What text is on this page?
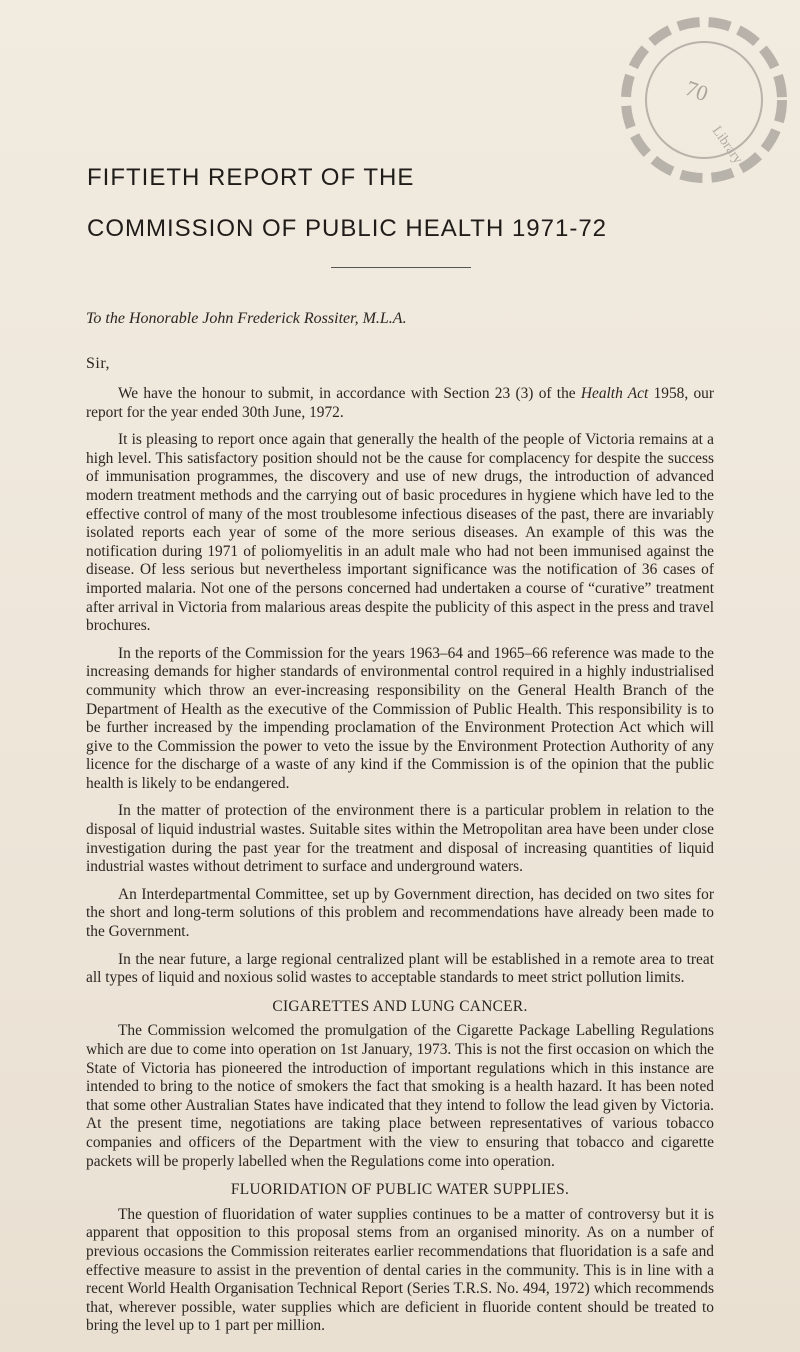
70
Library
FIFTIETH REPORT OF THE
COMMISSION OF PUBLIC HEALTH 1971-72
To the Honorable John Frederick Rossiter, M.L.A.
Sir,

We have the honour to submit, in accordance with Section 23 (3) of the Health Act 1958, our report for the year ended 30th June, 1972.

It is pleasing to report once again that generally the health of the people of Victoria remains at a high level. This satisfactory position should not be the cause for complacency for despite the success of immunisation programmes, the discovery and use of new drugs, the introduction of advanced modern treatment methods and the carrying out of basic procedures in hygiene which have led to the effective control of many of the most troublesome infectious diseases of the past, there are invariably isolated reports each year of some of the more serious diseases. An example of this was the notification during 1971 of poliomyelitis in an adult male who had not been immunised against the disease. Of less serious but nevertheless important significance was the notification of 36 cases of imported malaria. Not one of the persons concerned had undertaken a course of “curative” treatment after arrival in Victoria from malarious areas despite the publicity of this aspect in the press and travel brochures.

In the reports of the Commission for the years 1963–64 and 1965–66 reference was made to the increasing demands for higher standards of environmental control required in a highly industrialised community which throw an ever-increasing responsibility on the General Health Branch of the Department of Health as the executive of the Commission of Public Health. This responsibility is to be further increased by the impending proclamation of the Environment Protection Act which will give to the Commission the power to veto the issue by the Environment Protection Authority of any licence for the discharge of a waste of any kind if the Commission is of the opinion that the public health is likely to be endangered.

In the matter of protection of the environment there is a particular problem in relation to the disposal of liquid industrial wastes. Suitable sites within the Metropolitan area have been under close investigation during the past year for the treatment and disposal of increasing quantities of liquid industrial wastes without detriment to surface and underground waters.

An Interdepartmental Committee, set up by Government direction, has decided on two sites for the short and long-term solutions of this problem and recommendations have already been made to the Government.

In the near future, a large regional centralized plant will be established in a remote area to treat all types of liquid and noxious solid wastes to acceptable standards to meet strict pollution limits.

CIGARETTES AND LUNG CANCER.

The Commission welcomed the promulgation of the Cigarette Package Labelling Regulations which are due to come into operation on 1st January, 1973. This is not the first occasion on which the State of Victoria has pioneered the introduction of important regulations which in this instance are intended to bring to the notice of smokers the fact that smoking is a health hazard. It has been noted that some other Australian States have indicated that they intend to follow the lead given by Victoria. At the present time, negotiations are taking place between representatives of various tobacco companies and officers of the Department with the view to ensuring that tobacco and cigarette packets will be properly labelled when the Regulations come into operation.

FLUORIDATION OF PUBLIC WATER SUPPLIES.

The question of fluoridation of water supplies continues to be a matter of controversy but it is apparent that opposition to this proposal stems from an organised minority. As on a number of previous occasions the Commission reiterates earlier recommendations that fluoridation is a safe and effective measure to assist in the prevention of dental caries in the community. This is in line with a recent World Health Organisation Technical Report (Series T.R.S. No. 494, 1972) which recommends that, wherever possible, water supplies which are deficient in fluoride content should be treated to bring the level up to 1 part per million.
